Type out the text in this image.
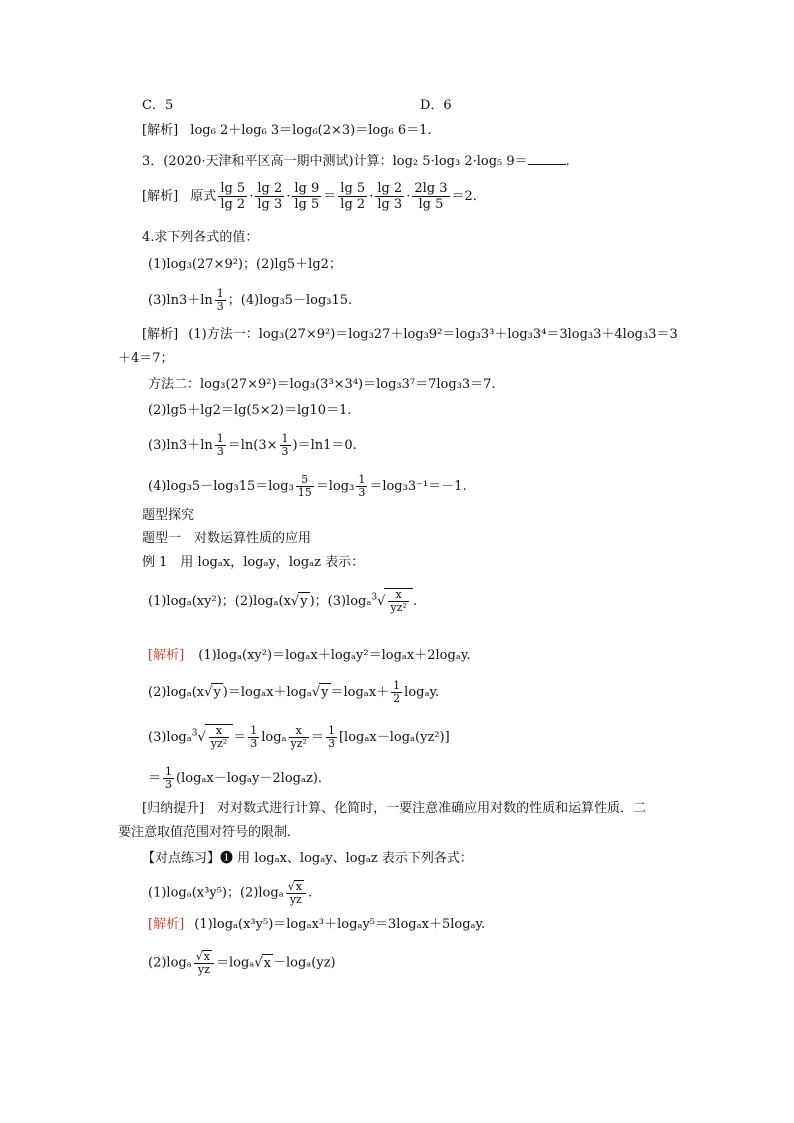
C．5	D．6
[解析] log₆ 2＋log₆ 3＝log₆(2×3)＝log₆ 6＝1.
3．(2020·天津和平区高一期中测试)计算：log₂ 5·log₃ 2·log₅ 9＝	.
[解析] 原式 $\frac{\lg 5}{\lg 2} \cdot \frac{\lg 2}{\lg 3} \cdot \frac{\lg 9}{\lg 5} = \frac{\lg 5}{\lg 2} \cdot \frac{\lg 2}{\lg 3} \cdot \frac{2\lg 3}{\lg 5} =2$．
4.求下列各式的值：
(1)log₃(27×9²)；(2)lg5＋lg2；
$(3)\ln 3+\ln \frac{1}{3}$ ；(4)log₃5－log₃15.
[解析] (1)方法一：log₃(27×9²)＝log₃27＋log₃9²＝log₃3³＋log₃3⁴＝3log₃3＋4log₃3＝3
＋4＝7；
方法二：log₃(27×9²)＝log₃(3³×3⁴)＝log₃3⁷＝7log₃3＝7.
(2)lg5＋lg2＝lg(5×2)＝lg10＝1.
$(3)\ln 3+\ln \frac{1}{3} =\ln(3\times \frac{1}{3} )=\ln 1=0$.
$(4)\log_35-\log_315=\log_3 \frac{5}{15} =\log_3 \frac{1}{3} =\log_33^{-1}=-1$.
题型探究
题型一　对数运算性质的应用
例 1　用 logₐx，logₐy，logₐz 表示：
(1)logₐ(xy²)；(2)logₐ(x√y )；$(3)\log_a^3√ \frac{x}{\text{yz²}}$ .
[解析] (1)logₐ(xy²)＝logₐx＋logₐy²＝logₐx＋2logₐy.
(2)logₐ(x√y )$=\log_ax+\log_a√y =\log_ax+ \frac{1}{2} \log_ay$.
$(3)\log_a^3√ \frac{x}{\text{yz²}} = \frac{1}{3}$ logₐ $\frac{x}{\text{yz²}} = \frac{1}{3} [\log_ax-\log_a(yz^2)]$
＝ $\frac{1}{3} (\log_ax-\log_ay-2\log_az)$．
[归纳提升]　对对数式进行计算、化简时，一要注意准确应用对数的性质和运算性质．二
要注意取值范围对符号的限制．
【对点练习】❶ 用 logₐx、logₐy、logₐz 表示下列各式：
(1)logₐ(x³y⁵)；$(2)\log_a \frac{√x}{yz}$ .
[解析] (1)logₐ(x³y⁵)＝logₐx³＋logₐy⁵＝3logₐx＋5logₐy.
$(2)\log_a \frac{√x}{yz} =\log_a√x -\log_a(yz)$
